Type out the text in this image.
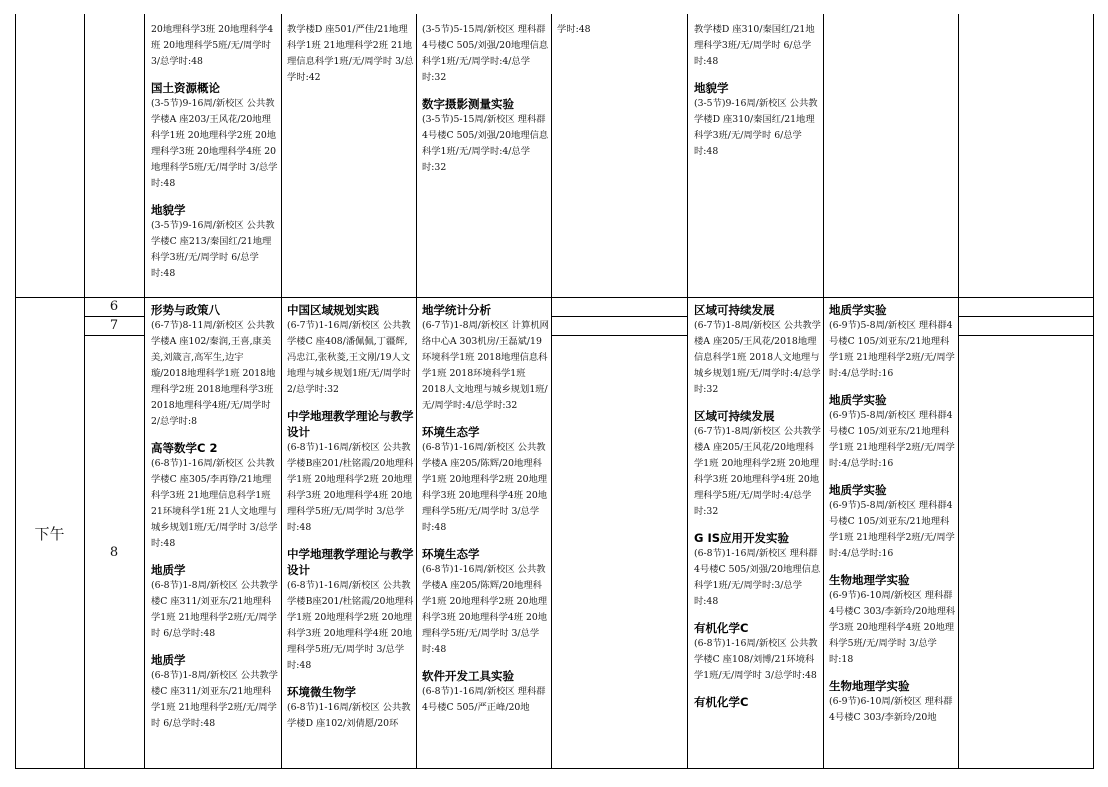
6
7
8
下午
20地理科学3班 20地理科学4班 20地理科学5班/无/周学时 3/总学时:48
国土资源概论
(3-5节)9-16周/新校区 公共教学楼A 座203/王风花/20地理科学1班 20地理科学2班 20地理科学3班 20地理科学4班 20地理科学5班/无/周学时 3/总学时:48
地貌学
(3-5节)9-16周/新校区 公共教学楼C 座213/秦国红/21地理科学3班/无/周学时 6/总学时:48
教学楼D 座501/严佳/21地理科学1班 21地理科学2班 21地理信息科学1班/无/周学时 3/总学时:42
(3-5节)5-15周/新校区 理科群4号楼C 505/刘强/20地理信息科学1班/无/周学时:4/总学时:32
数字摄影测量实验
(3-5节)5-15周/新校区 理科群4号楼C 505/刘强/20地理信息科学1班/无/周学时:4/总学时:32
学时:48	教学楼D 座310/秦国红/21地理科学3班/无/周学时 6/总学时:48
地貌学
(3-5节)9-16周/新校区 公共教学楼D 座310/秦国红/21地理科学3班/无/周学时 6/总学时:48
形势与政策八
(6-7节)8-11周/新校区 公共教学楼A 座102/秦润,王喜,康美美,刘箴言,高军生,边宇璇/2018地理科学1班 2018地理科学2班 2018地理科学3班 2018地理科学4班/无/周学时 2/总学时:8
高等数学C 2
(6-8节)1-16周/新校区 公共教学楼C 座305/李再铮/21地理科学3班 21地理信息科学1班 21环境科学1班 21人文地理与城乡规划1班/无/周学时 3/总学时:48
地质学
(6-8节)1-8周/新校区 公共教学楼C 座311/刘亚东/21地理科学1班 21地理科学2班/无/周学时 6/总学时:48
地质学
(6-8节)1-8周/新校区 公共教学楼C 座311/刘亚东/21地理科学1班 21地理科学2班/无/周学时 6/总学时:48
中国区域规划实践
(6-7节)1-16周/新校区 公共教学楼C 座408/潘佩佩,丁疆辉,冯忠江,张秋菱,王文刚/19人文地理与城乡规划1班/无/周学时 2/总学时:32
中学地理教学理论与教学设计
(6-8节)1-16周/新校区 公共教学楼B座201/杜铭霞/20地理科学1班 20地理科学2班 20地理科学3班 20地理科学4班 20地理科学5班/无/周学时 3/总学时:48
中学地理教学理论与教学设计
(6-8节)1-16周/新校区 公共教学楼B座201/杜铭霞/20地理科学1班 20地理科学2班 20地理科学3班 20地理科学4班 20地理科学5班/无/周学时 3/总学时:48
环境微生物学
(6-8节)1-16周/新校区 公共教学楼D 座102/刘倩愿/20环
地学统计分析
(6-7节)1-8周/新校区 计算机网络中心A 303机房/王磊斌/19环境科学1班 2018地理信息科学1班 2018环境科学1班 2018人文地理与城乡规划1班/无/周学时:4/总学时:32
环境生态学
(6-8节)1-16周/新校区 公共教学楼A 座205/陈辉/20地理科学1班 20地理科学2班 20地理科学3班 20地理科学4班 20地理科学5班/无/周学时 3/总学时:48
环境生态学
(6-8节)1-16周/新校区 公共教学楼A 座205/陈辉/20地理科学1班 20地理科学2班 20地理科学3班 20地理科学4班 20地理科学5班/无/周学时 3/总学时:48
软件开发工具实验
(6-8节)1-16周/新校区 理科群4号楼C 505/严正峰/20地
区域可持续发展
(6-7节)1-8周/新校区 公共教学楼A 座205/王风花/2018地理信息科学1班 2018人文地理与城乡规划1班/无/周学时:4/总学时:32
区域可持续发展
(6-7节)1-8周/新校区 公共教学楼A 座205/王风花/20地理科学1班 20地理科学2班 20地理科学3班 20地理科学4班 20地理科学5班/无/周学时:4/总学时:32
G IS应用开发实验
(6-8节)1-16周/新校区 理科群4号楼C 505/刘强/20地理信息科学1班/无/周学时:3/总学时:48
有机化学C
(6-8节)1-16周/新校区 公共教学楼C 座108/刘博/21环境科学1班/无/周学时 3/总学时:48
有机化学C
地质学实验
(6-9节)5-8周/新校区 理科群4号楼C 105/刘亚东/21地理科学1班 21地理科学2班/无/周学时:4/总学时:16
地质学实验
(6-9节)5-8周/新校区 理科群4号楼C 105/刘亚东/21地理科学1班 21地理科学2班/无/周学时:4/总学时:16
地质学实验
(6-9节)5-8周/新校区 理科群4号楼C 105/刘亚东/21地理科学1班 21地理科学2班/无/周学时:4/总学时:16
生物地理学实验
(6-9节)6-10周/新校区 理科群4号楼C 303/李新玲/20地理科学3班 20地理科学4班 20地理科学5班/无/周学时 3/总学时:18
生物地理学实验
(6-9节)6-10周/新校区 理科群4号楼C 303/李新玲/20地
